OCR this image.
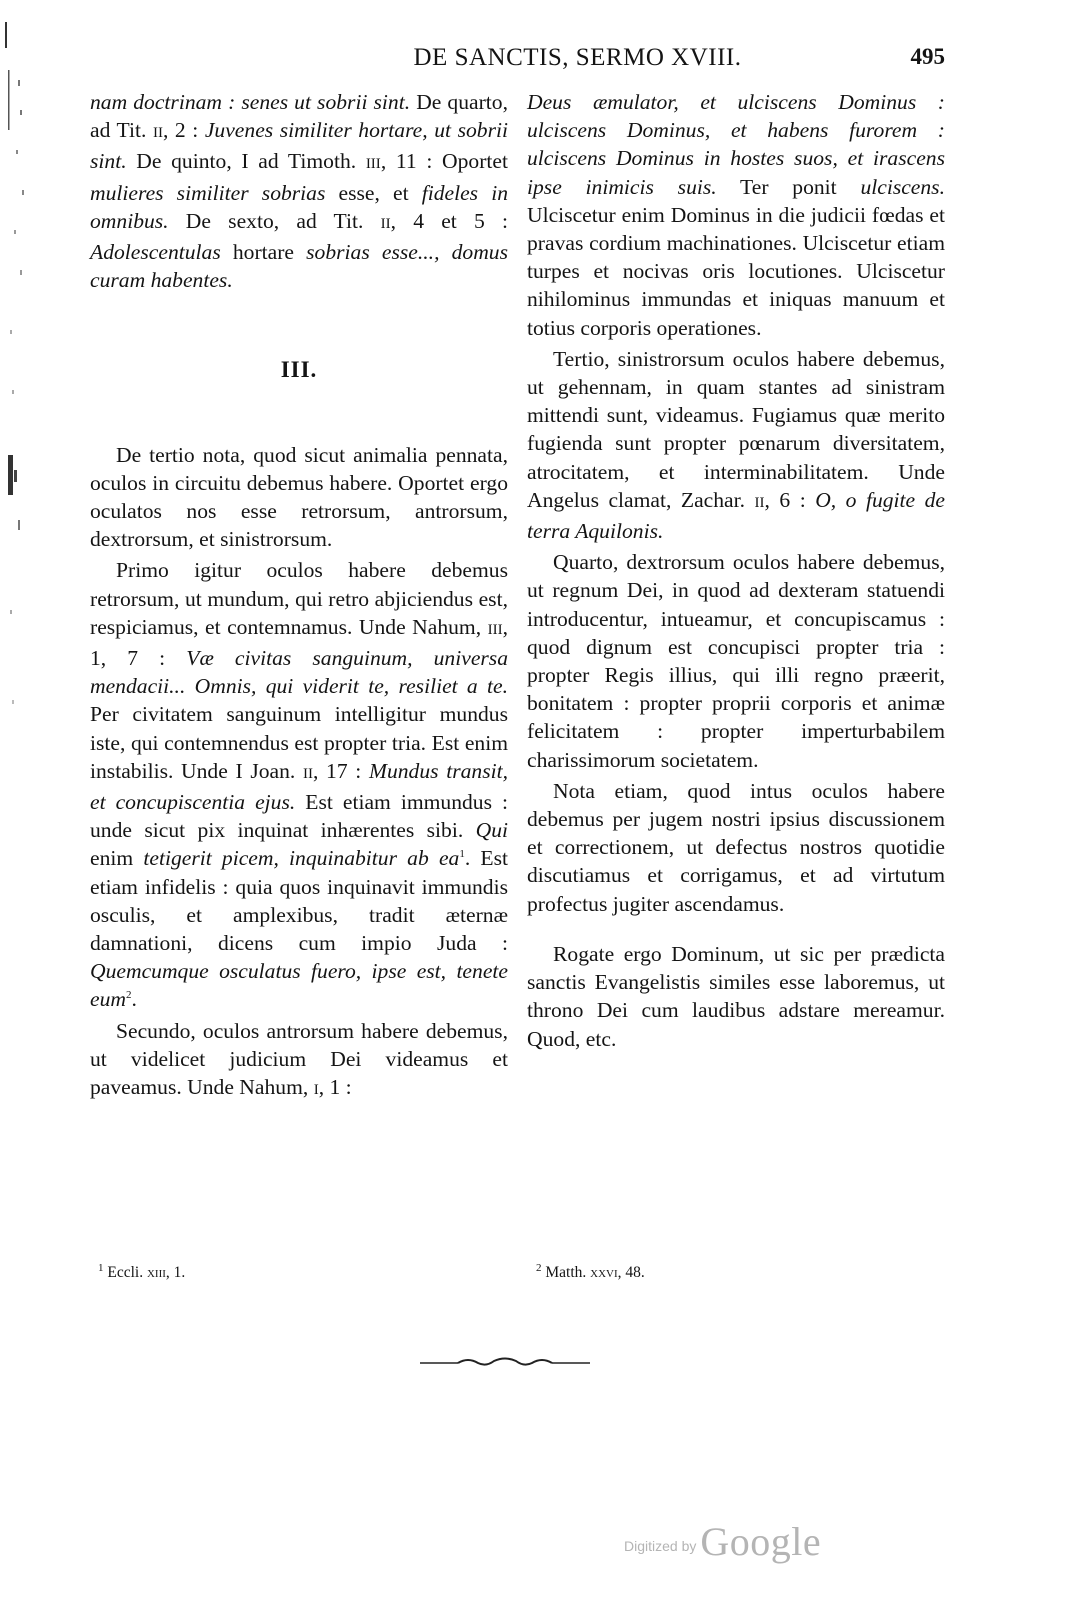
DE SANCTIS, SERMO XVIII.	495

nam doctrinam : senes ut sobrii sint. De quarto, ad Tit. II, 2 : Juvenes similiter hortare, ut sobrii sint. De quinto, I ad Timoth. III, 11 : Oportet mulieres similiter sobrias esse, et fideles in omnibus. De sexto, ad Tit. II, 4 et 5 : Adolescentulas hortare sobrias esse..., domus curam habentes.

III.

De tertio nota, quod sicut animalia pennata, oculos in circuitu debemus habere. Oportet ergo oculatos nos esse retrorsum, antrorsum, dextrorsum, et sinistrorsum.

Primo igitur oculos habere debemus retrorsum, ut mundum, qui retro abjiciendus est, respiciamus, et contemnamus. Unde Nahum, III, 1, 7 : Væ civitas sanguinum, universa mendacii... Omnis, qui viderit te, resiliet a te. Per civitatem sanguinum intelligitur mundus iste, qui contemnendus est propter tria. Est enim instabilis. Unde I Joan. II, 17 : Mundus transit, et concupiscentia ejus. Est etiam immundus : unde sicut pix inquinat inhærentes sibi. Qui enim tetigerit picem, inquinabitur ab $ea^1$. Est etiam infidelis : quia quos inquinavit immundis osculis, et amplexibus, tradit æternæ damnationi, dicens cum impio Juda : Quemcumque osculatus fuero, ipse est, tenete eum$^2$.

Secundo, oculos antrorsum habere debemus, ut videlicet judicium Dei videamus et paveamus. Unde Nahum, I, 1 :

Deus æmulator, et ulciscens Dominus : ulciscens Dominus, et habens furorem : ulciscens Dominus in hostes suos, et irascens ipse inimicis suis. Ter ponit ulciscens. Ulciscetur enim Dominus in die judicii fœdas et pravas cordium machinationes. Ulciscetur etiam turpes et nocivas oris locutiones. Ulciscetur nihilominus immundas et iniquas manuum et totius corporis operationes.

Tertio, sinistrorsum oculos habere debemus, ut gehennam, in quam stantes ad sinistram mittendi sunt, videamus. Fugiamus quæ merito fugienda sunt propter pœnarum diversitatem, atrocitatem, et interminabilitatem. Unde Angelus clamat, Zachar. II, 6 : O, o fugite de terra Aquilonis.

Quarto, dextrorsum oculos habere debemus, ut regnum Dei, in quod ad dexteram statuendi introducentur, intueamur, et concupiscamus : quod dignum est concupisci propter tria : propter Regis illius, qui illi regno præerit, bonitatem : propter proprii corporis et animæ felicitatem : propter imperturbabilem charissimorum societatem.

Nota etiam, quod intus oculos habere debemus per jugem nostri ipsius discussionem et correctionem, ut defectus nostros quotidie discutiamus et corrigamus, et ad virtutum profectus jugiter ascendamus.

Rogate ergo Dominum, ut sic per prædicta sanctis Evangelistis similes esse laboremus, ut throno Dei cum laudibus adstare mereamur. Quod, etc.

$^1$ Eccli. XIII, 1.	$^2$ Matth. XXVI, 48.
Digitized by Google
